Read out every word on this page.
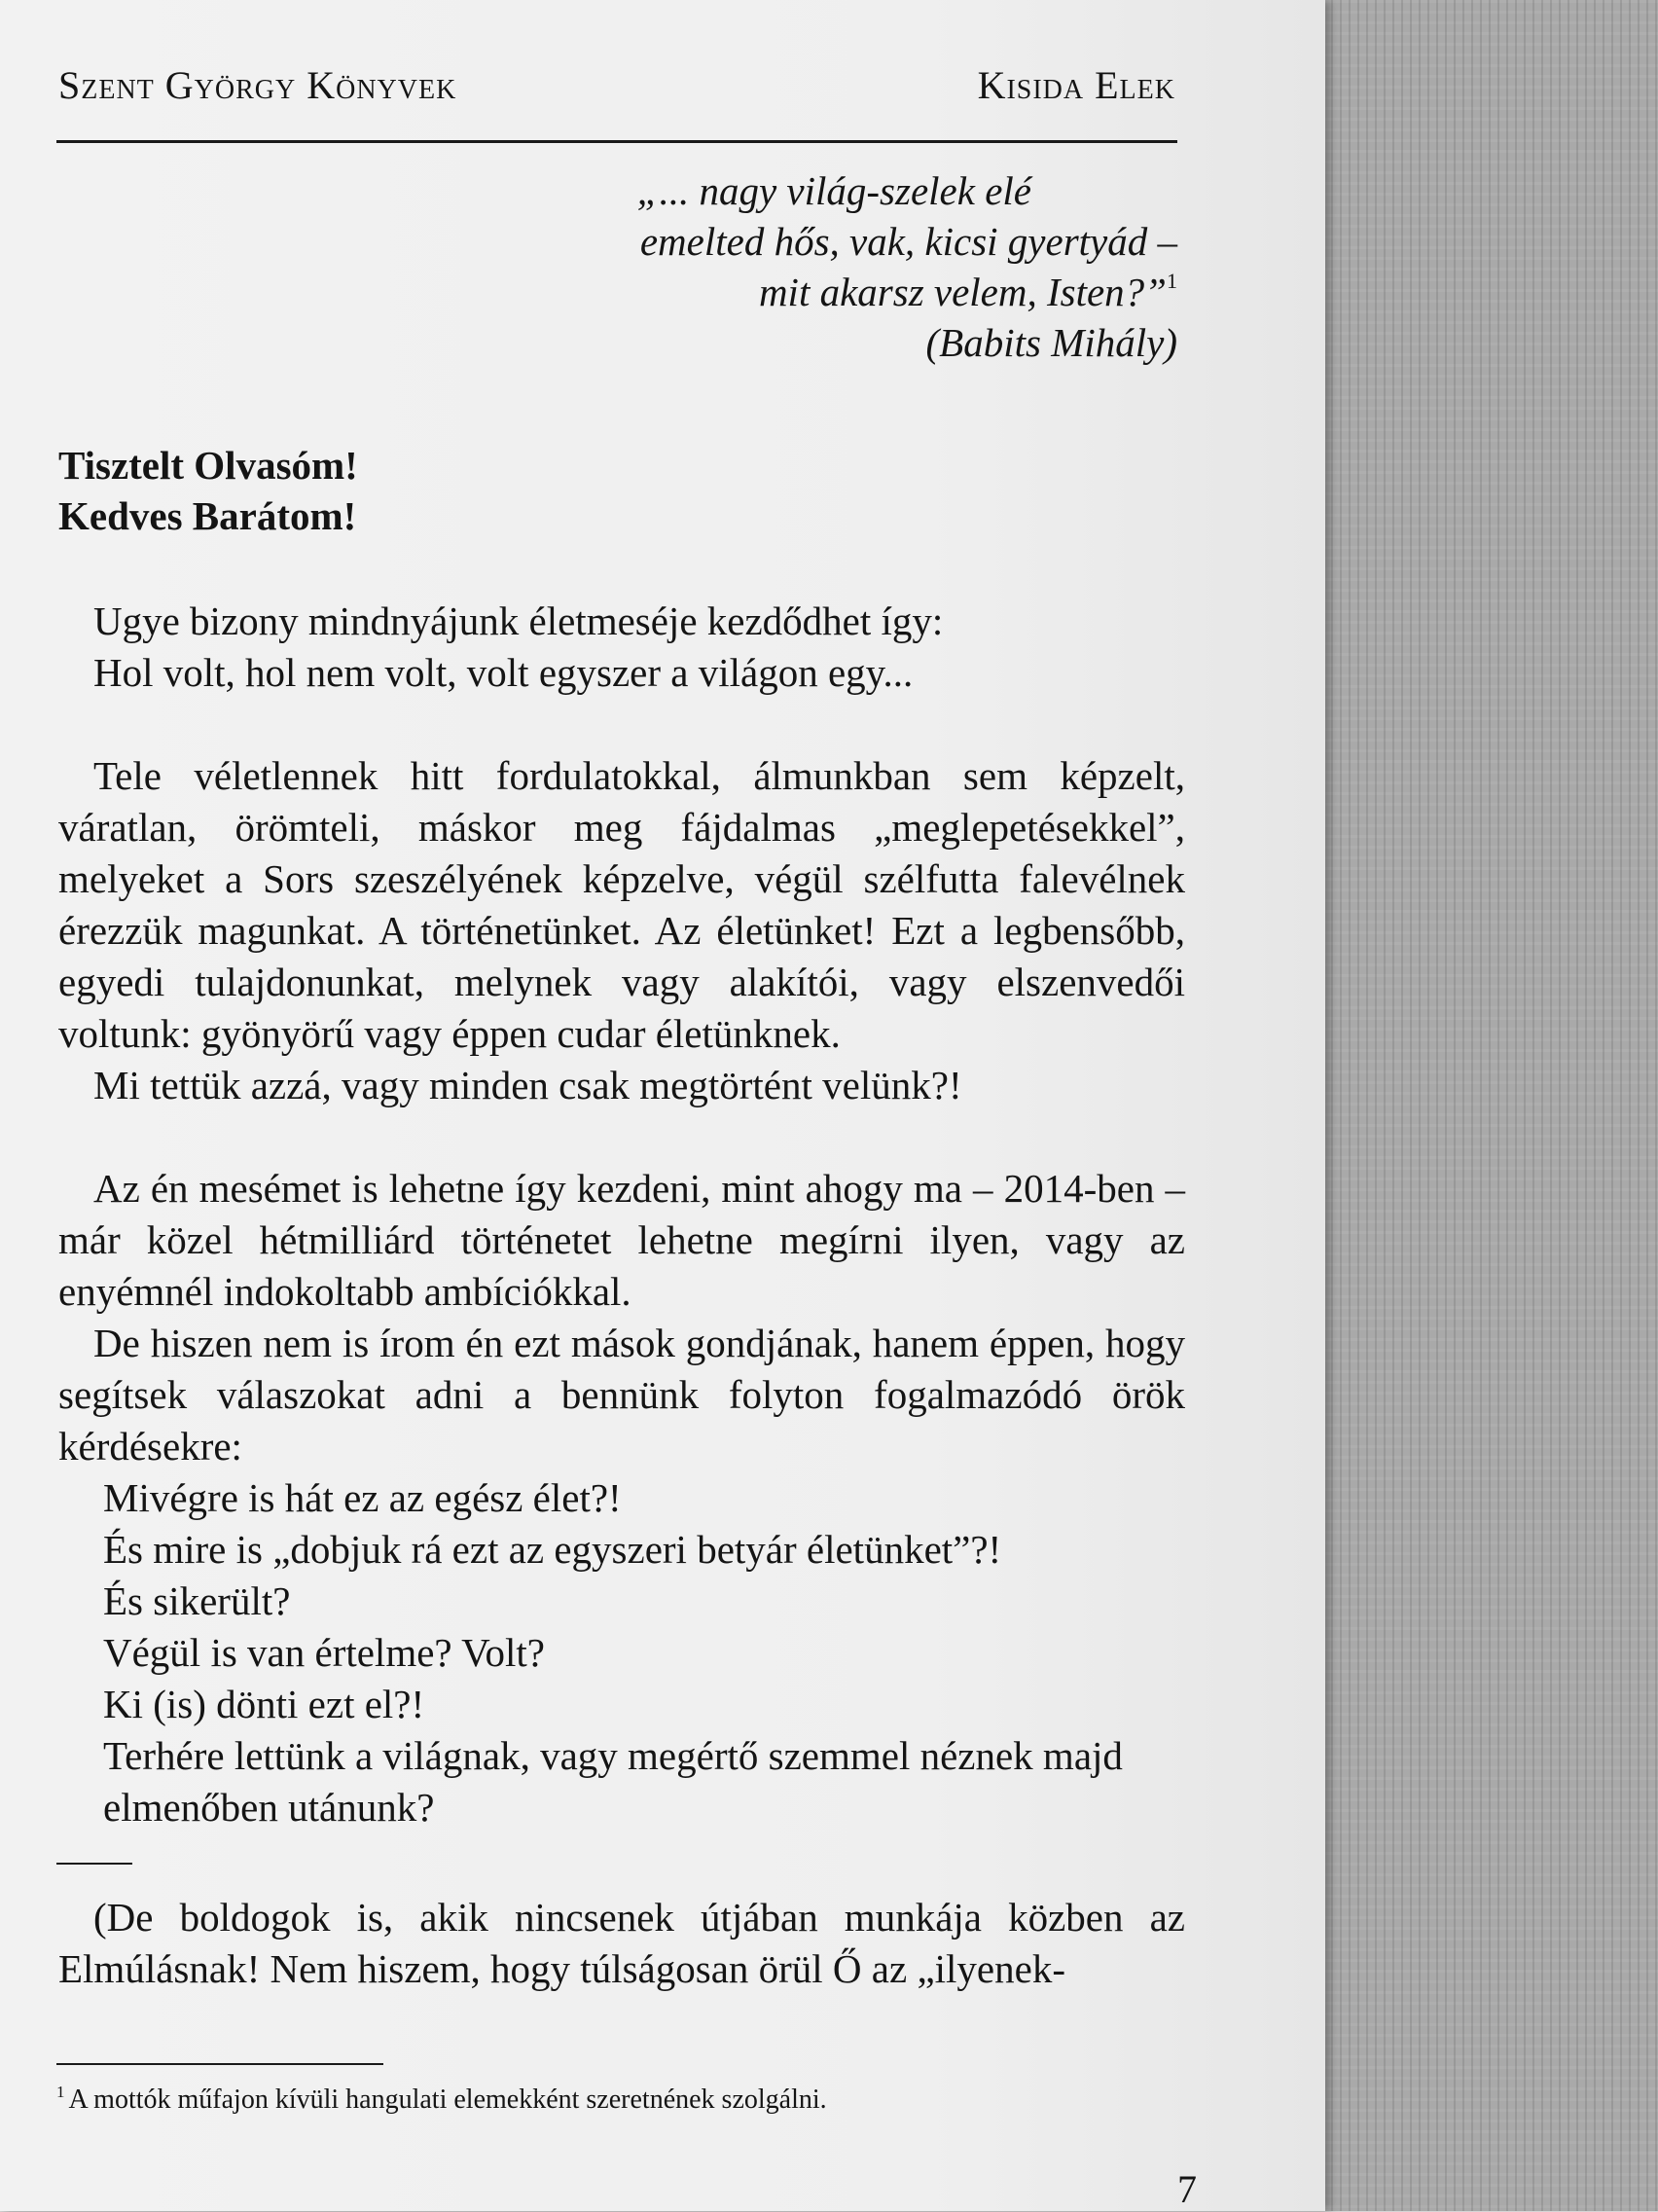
Szent György Könyvek	Kisida Elek
„... nagy világ-szelek elé
emelted hős, vak, kicsi gyertyád –
mit akarsz velem, Isten?”$^1$
(Babits Mihály)
Tisztelt Olvasóm!
Kedves Barátom!

Ugye bizony mindnyájunk életmeséje kezdődhet így:

Hol volt, hol nem volt, volt egyszer a világon egy...

Tele véletlennek hitt fordulatokkal, álmunkban sem képzelt, váratlan, örömteli, máskor meg fájdalmas „meglepetésekkel”, melyeket a Sors szeszélyének képzelve, végül szélfutta falevélnek érezzük magunkat. A történetünket. Az életünket! Ezt a legbensőbb, egyedi tulajdonunkat, melynek vagy alakítói, vagy elszenvedői voltunk: gyönyörű vagy éppen cudar életünknek.

Mi tettük azzá, vagy minden csak megtörtént velünk?!

Az én mesémet is lehetne így kezdeni, mint ahogy ma – 2014-ben – már közel hétmilliárd történetet lehetne megírni ilyen, vagy az enyémnél indokoltabb ambíciókkal.

De hiszen nem is írom én ezt mások gondjának, hanem éppen, hogy segítsek válaszokat adni a bennünk folyton fogalmazódó örök kérdésekre:

Mivégre is hát ez az egész élet?!
És mire is „dobjuk rá ezt az egyszeri betyár életünket”?!
És sikerült?
Végül is van értelme? Volt?
Ki (is) dönti ezt el?!
Terhére lettünk a világnak, vagy megértő szemmel néznek majd elmenőben utánunk?

(De boldogok is, akik nincsenek útjában munkája közben az Elmúlásnak! Nem hiszem, hogy túlságosan örül Ő az „ilyenek-

$^1$ A mottók műfajon kívüli hangulati elemekként szeretnének szolgálni.
7
